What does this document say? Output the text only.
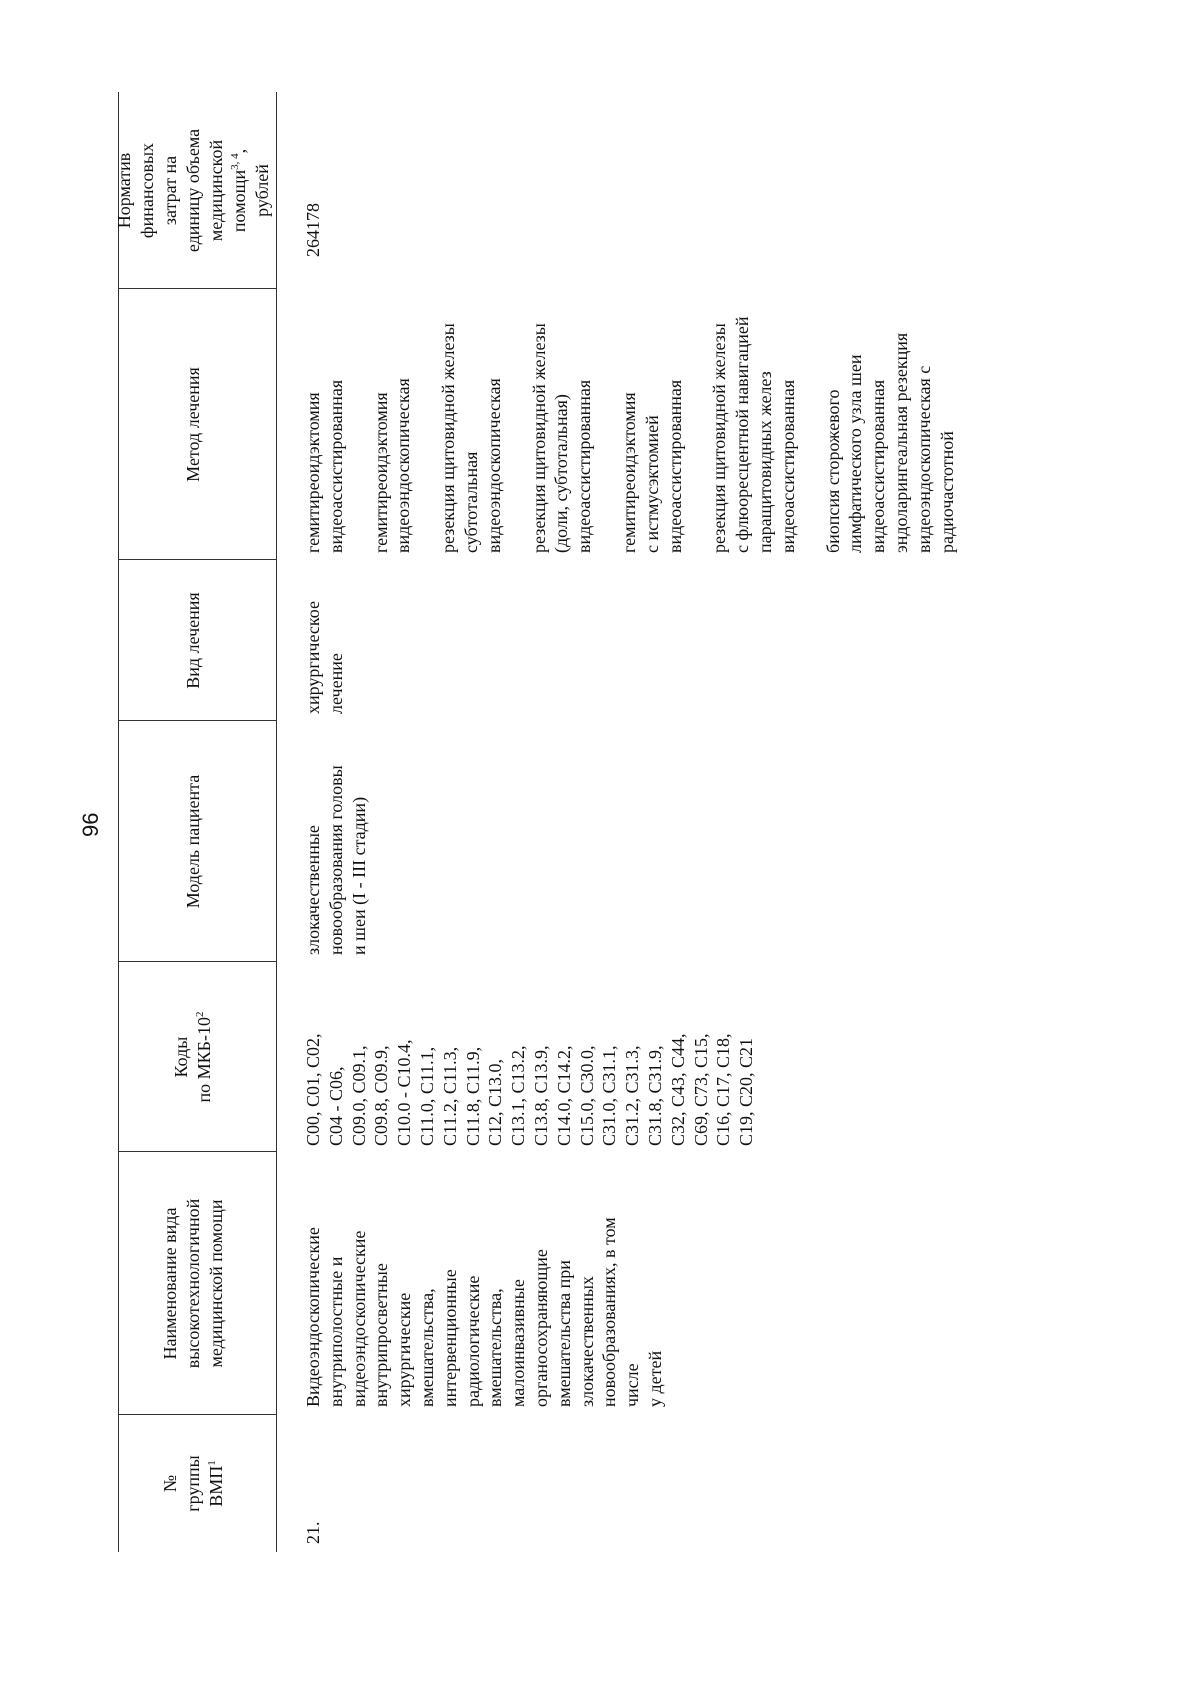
96
№ группы ВМП$^1$
Наименование вида высокотехнологичной медицинской помощи
Коды по МКБ-$10^2$
Модель пациента
Вид лечения
Метод лечения
Норматив финансовых затрат на единицу объема медицинской помощи$^{3, 4}$,
рублей
21.
Видеоэндоскопические внутриполостные и видеоэндоскопические внутрипросветные хирургические вмешательства, интервенционные радиологические вмешательства, малоинвазивные органосохраняющие вмешательства при злокачественных новообразованиях, в том числе у детей
C00, C01, C02, C04 - C06, C09.0, C09.1, C09.8, C09.9, C10.0 - C10.4, C11.0, C11.1, C11.2, C11.3, C11.8, C11.9, C12, C13.0, C13.1, C13.2, C13.8, C13.9, C14.0, C14.2, C15.0, C30.0, C31.0, C31.1, C31.2, C31.3, C31.8, C31.9, C32, C43, C44, C69, C73, C15, C16, C17, C18, C19, C20, C21
злокачественные новообразования головы и шеи (I - III стадии)
хирургическое лечение
гемитиреоидэктомия видеоассистированная гемитиреоидэктомия видеоэндоскопическая резекция щитовидной железы субтотальная видеоэндоскопическая резекция щитовидной железы (доли, субтотальная) видеоассистированная гемитиреоидэктомия с истмусэктомией видеоассистированная резекция щитовидной железы с флюоресцентной навигацией паращитовидных желез видеоассистированная биопсия сторожевого лимфатического узла шеи видеоассистированная эндоларингеальная резекция видеоэндоскопическая с радиочастотной
264178
